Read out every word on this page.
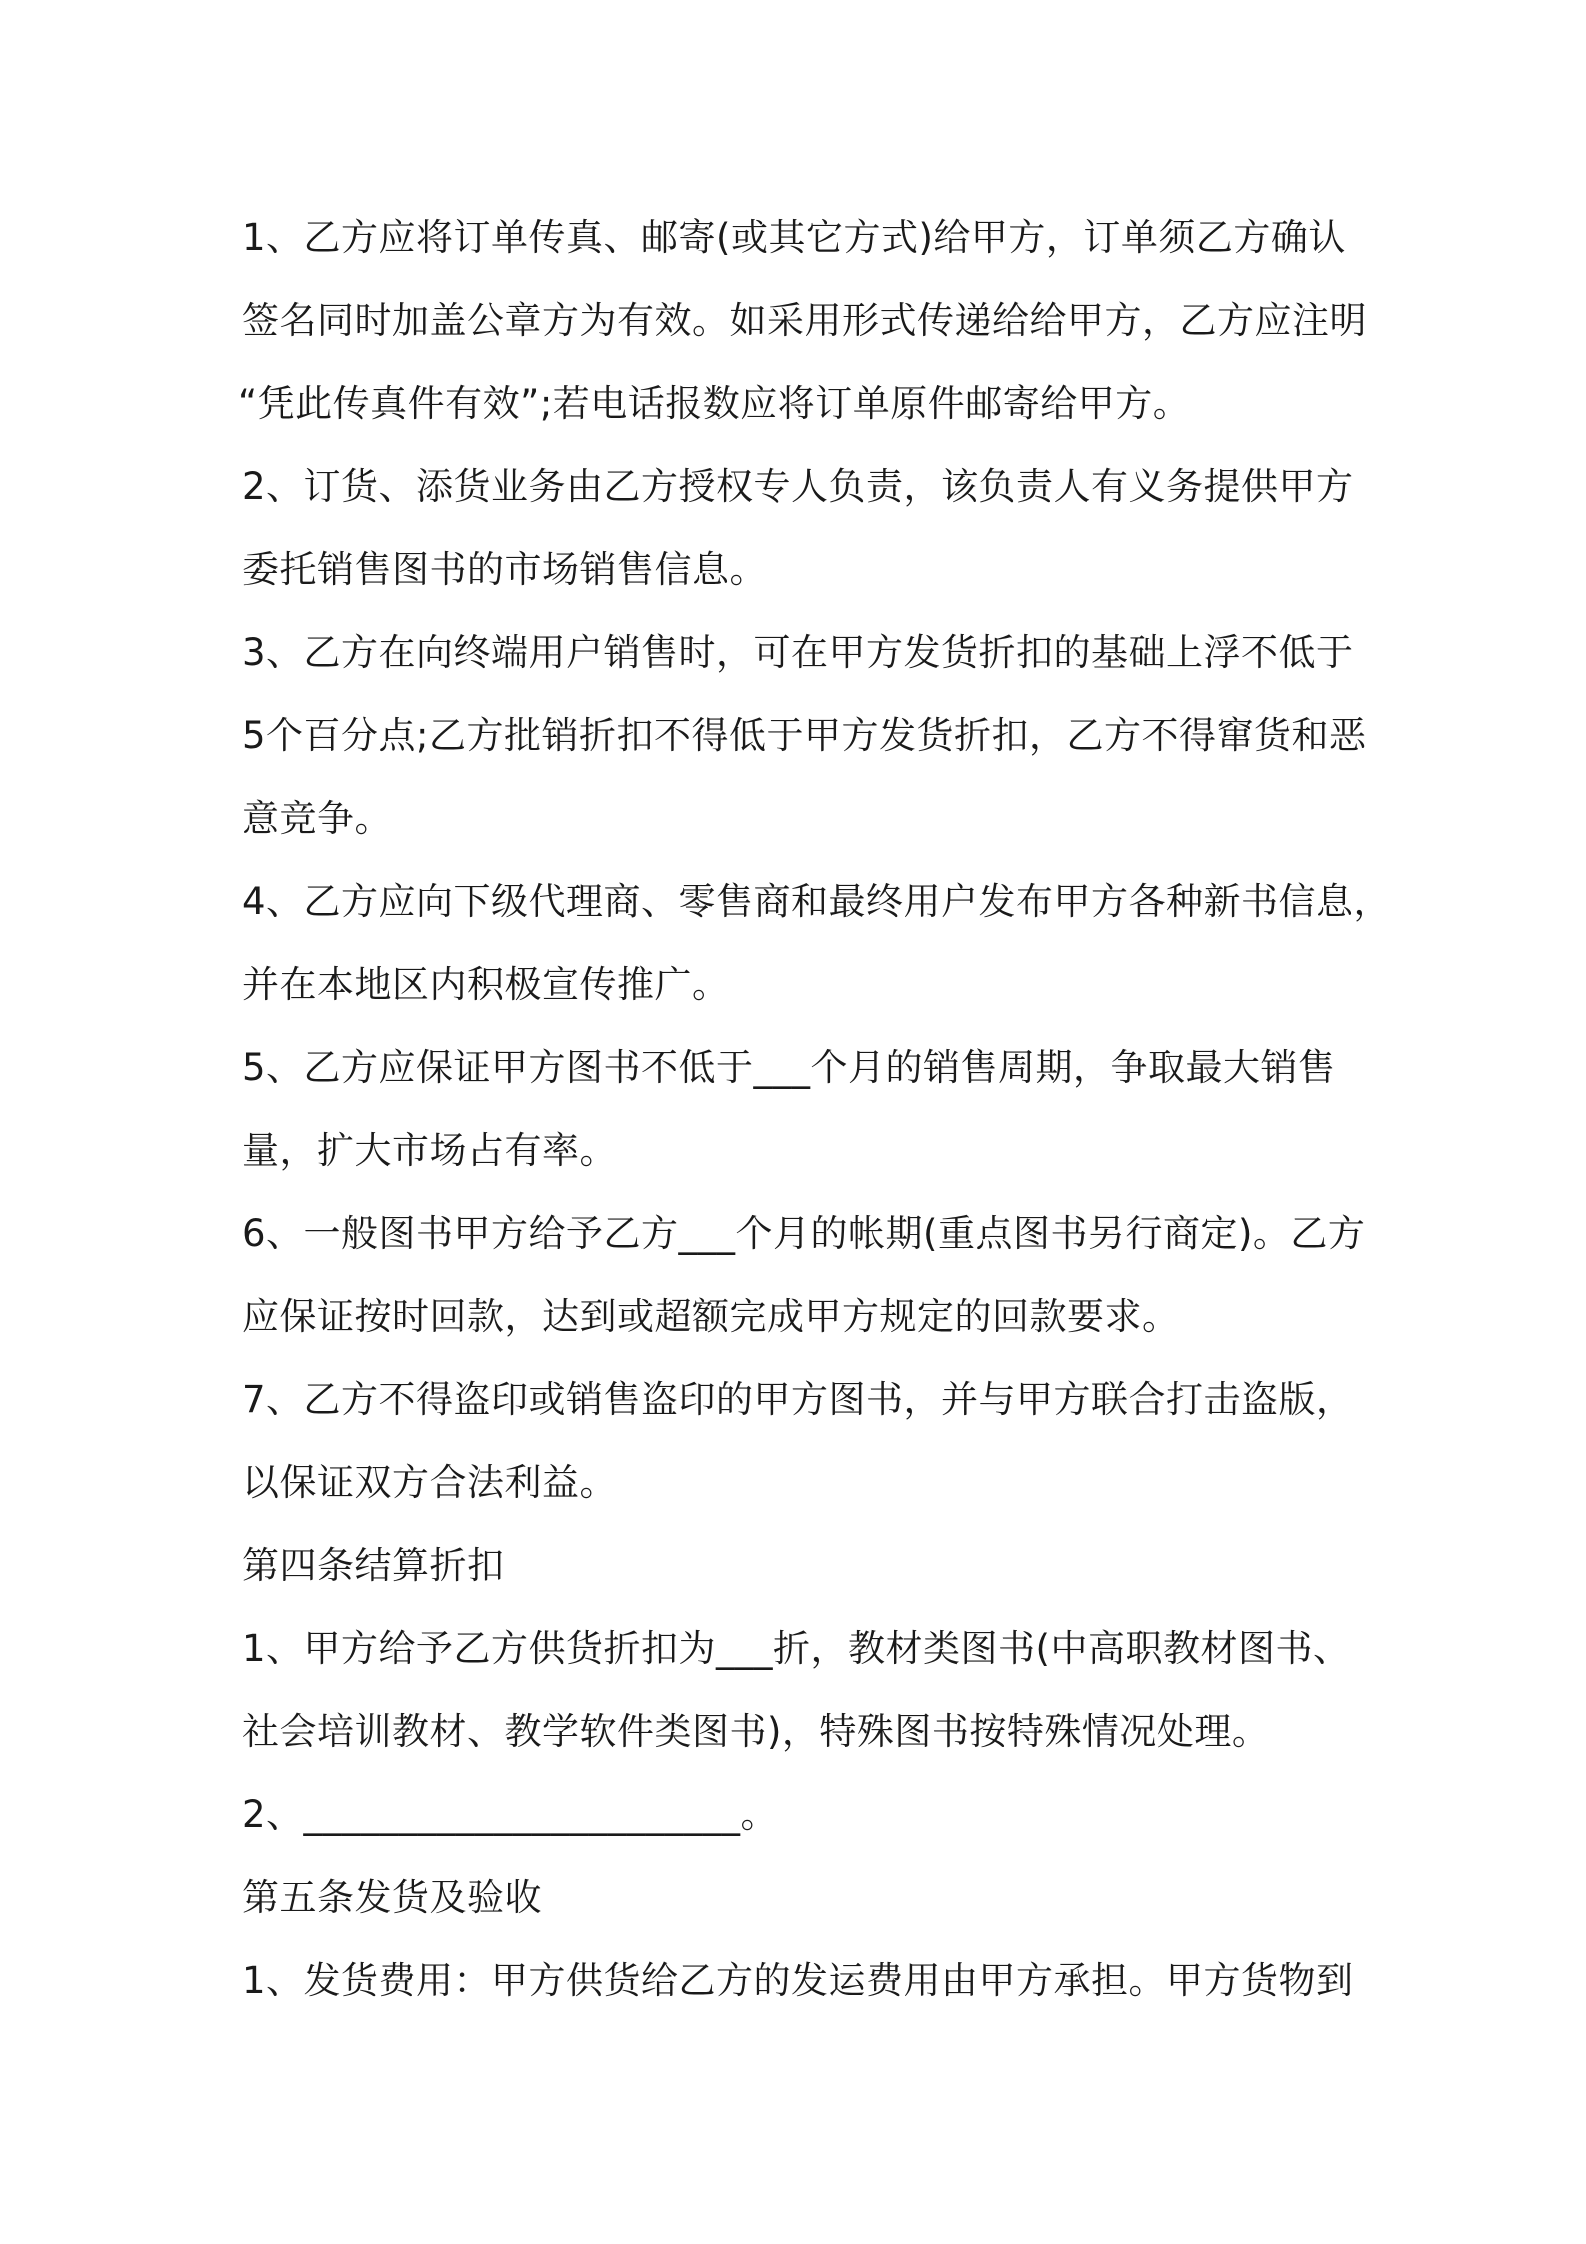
1、乙方应将订单传真、邮寄(或其它方式)给甲方，订单须乙方确认
签名同时加盖公章方为有效。如采用形式传递给给甲方，乙方应注明
“凭此传真件有效”;若电话报数应将订单原件邮寄给甲方。
2、订货、添货业务由乙方授权专人负责，该负责人有义务提供甲方
委托销售图书的市场销售信息。
3、乙方在向终端用户销售时，可在甲方发货折扣的基础上浮不低于
5个百分点;乙方批销折扣不得低于甲方发货折扣，乙方不得窜货和恶
意竞争。
4、乙方应向下级代理商、零售商和最终用户发布甲方各种新书信息，
并在本地区内积极宣传推广。
5、乙方应保证甲方图书不低于___个月的销售周期，争取最大销售
量，扩大市场占有率。
6、一般图书甲方给予乙方___个月的帐期(重点图书另行商定)。乙方
应保证按时回款，达到或超额完成甲方规定的回款要求。
7、乙方不得盗印或销售盗印的甲方图书，并与甲方联合打击盗版，
以保证双方合法利益。
第四条结算折扣
1、甲方给予乙方供货折扣为___折，教材类图书(中高职教材图书、
社会培训教材、教学软件类图书)，特殊图书按特殊情况处理。
2、_______________________。
第五条发货及验收
1、发货费用：甲方供货给乙方的发运费用由甲方承担。甲方货物到
